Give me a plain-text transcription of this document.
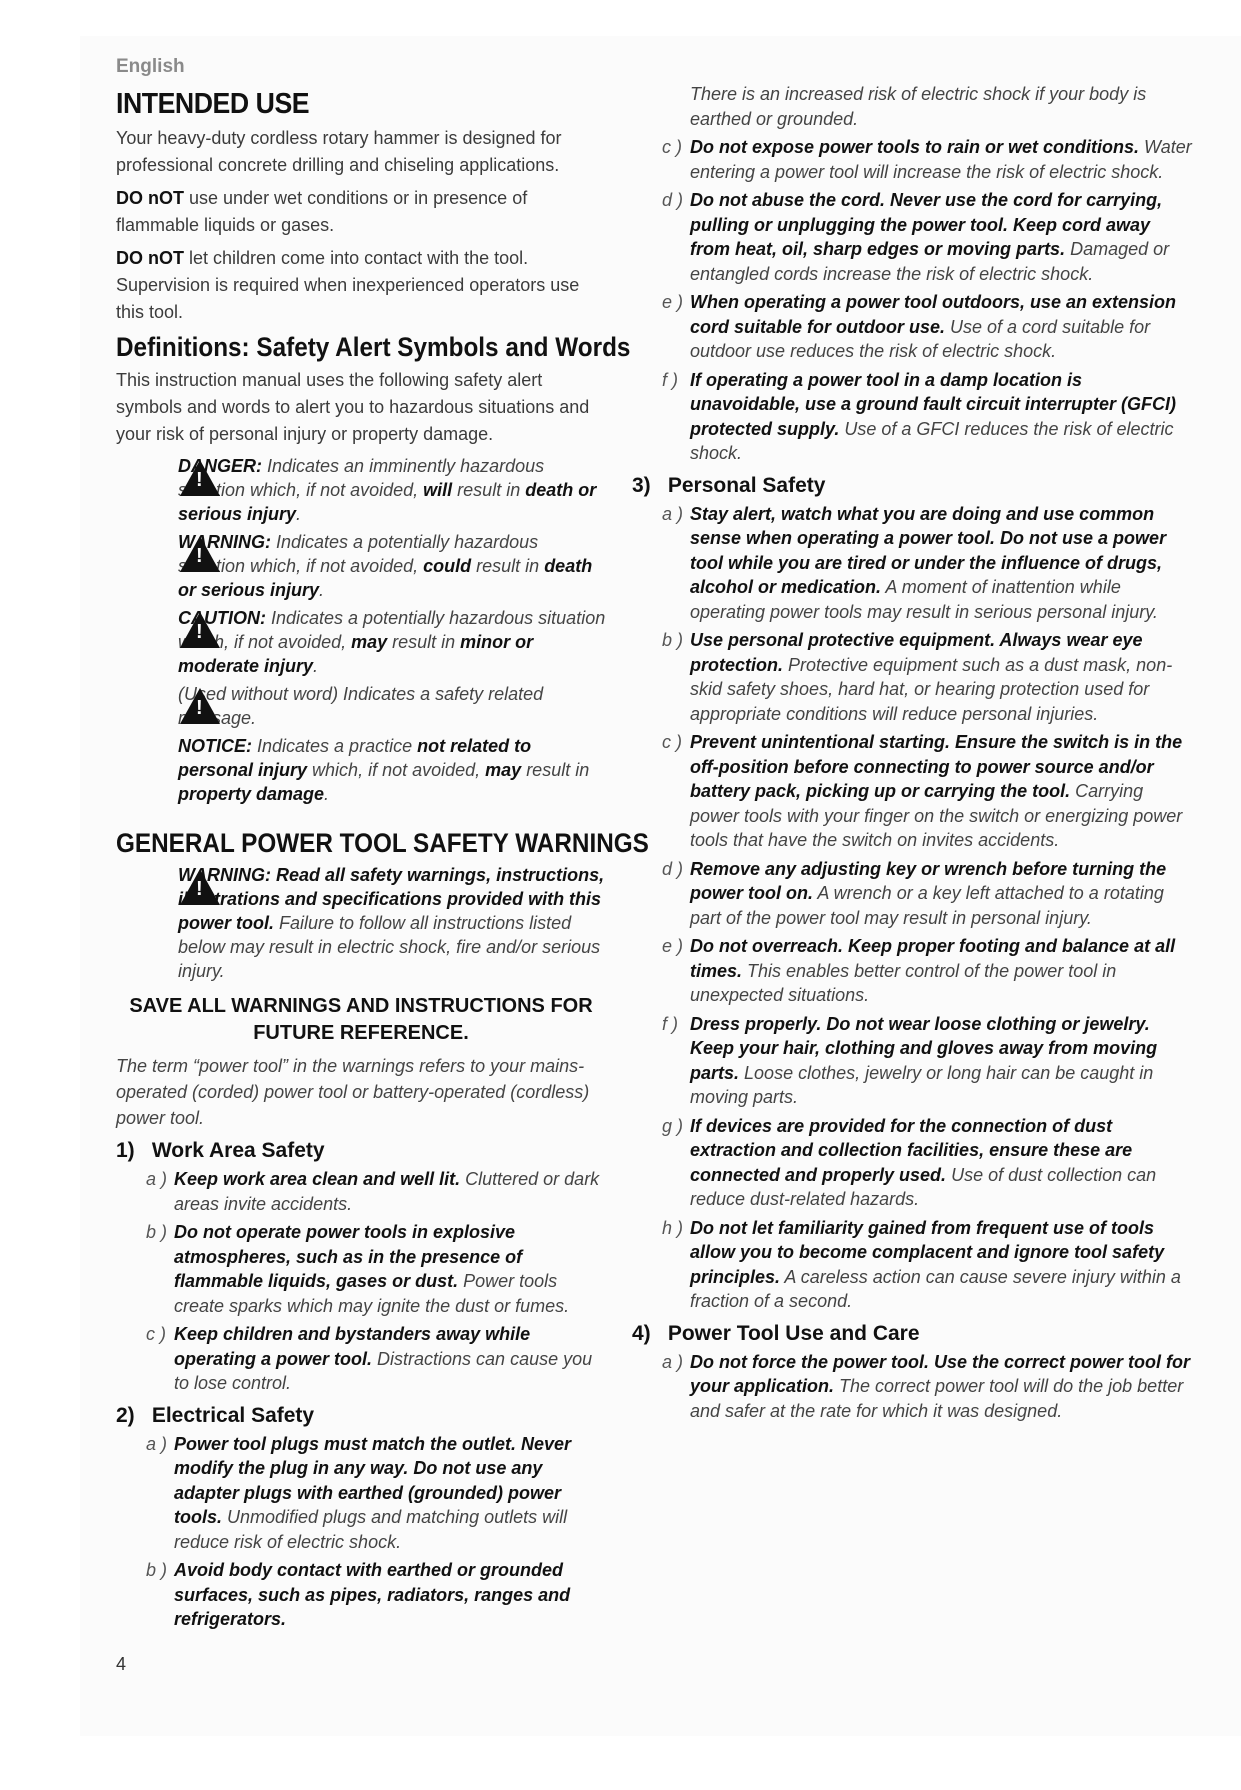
English
INTENDED USE

Your heavy-duty cordless rotary hammer is designed for professional concrete drilling and chiseling applications.

DO nOT use under wet conditions or in presence of flammable liquids or gases.

DO nOT let children come into contact with the tool. Supervision is required when inexperienced operators use this tool.

Definitions: Safety Alert Symbols and Words

This instruction manual uses the following safety alert symbols and words to alert you to hazardous situations and your risk of personal injury or property damage.

!
DANGER: Indicates an imminently hazardous situation which, if not avoided, will result in death or serious injury.
!
WARNING: Indicates a potentially hazardous situation which, if not avoided, could result in death or serious injury.
!
CAUTION: Indicates a potentially hazardous situation which, if not avoided, may result in minor or moderate injury.
!
(Used without word) Indicates a safety related message.
NOTICE: Indicates a practice not related to personal injury which, if not avoided, may result in property damage.
GENERAL POWER TOOL SAFETY WARNINGS
!
WARNING: Read all safety warnings, instructions, illustrations and specifications provided with this power tool. Failure to follow all instructions listed below may result in electric shock, fire and/or serious injury.
SAVE ALL WARNINGS AND INSTRUCTIONS FOR FUTURE REFERENCE.

The term “power tool” in the warnings refers to your mains-operated (corded) power tool or battery-operated (cordless) power tool.

1) Work Area Safety
a ) Keep work area clean and well lit. Cluttered or dark areas invite accidents.
b ) Do not operate power tools in explosive atmospheres, such as in the presence of flammable liquids, gases or dust. Power tools create sparks which may ignite the dust or fumes.
c ) Keep children and bystanders away while operating a power tool. Distractions can cause you to lose control.
2) Electrical Safety
a ) Power tool plugs must match the outlet. Never modify the plug in any way. Do not use any adapter plugs with earthed (grounded) power tools. Unmodified plugs and matching outlets will reduce risk of electric shock.
b ) Avoid body contact with earthed or grounded surfaces, such as pipes, radiators, ranges and refrigerators.
There is an increased risk of electric shock if your body is earthed or grounded.
c ) Do not expose power tools to rain or wet conditions. Water entering a power tool will increase the risk of electric shock.
d ) Do not abuse the cord. Never use the cord for carrying, pulling or unplugging the power tool. Keep cord away from heat, oil, sharp edges or moving parts. Damaged or entangled cords increase the risk of electric shock.
e ) When operating a power tool outdoors, use an extension cord suitable for outdoor use. Use of a cord suitable for outdoor use reduces the risk of electric shock.
f ) If operating a power tool in a damp location is unavoidable, use a ground fault circuit interrupter (GFCI) protected supply. Use of a GFCI reduces the risk of electric shock.
3) Personal Safety
a ) Stay alert, watch what you are doing and use common sense when operating a power tool. Do not use a power tool while you are tired or under the influence of drugs, alcohol or medication. A moment of inattention while operating power tools may result in serious personal injury.
b ) Use personal protective equipment. Always wear eye protection. Protective equipment such as a dust mask, non-skid safety shoes, hard hat, or hearing protection used for appropriate conditions will reduce personal injuries.
c ) Prevent unintentional starting. Ensure the switch is in the off-position before connecting to power source and/or battery pack, picking up or carrying the tool. Carrying power tools with your finger on the switch or energizing power tools that have the switch on invites accidents.
d ) Remove any adjusting key or wrench before turning the power tool on. A wrench or a key left attached to a rotating part of the power tool may result in personal injury.
e ) Do not overreach. Keep proper footing and balance at all times. This enables better control of the power tool in unexpected situations.
f ) Dress properly. Do not wear loose clothing or jewelry. Keep your hair, clothing and gloves away from moving parts. Loose clothes, jewelry or long hair can be caught in moving parts.
g ) If devices are provided for the connection of dust extraction and collection facilities, ensure these are connected and properly used. Use of dust collection can reduce dust-related hazards.
h ) Do not let familiarity gained from frequent use of tools allow you to become complacent and ignore tool safety principles. A careless action can cause severe injury within a fraction of a second.
4) Power Tool Use and Care
a ) Do not force the power tool. Use the correct power tool for your application. The correct power tool will do the job better and safer at the rate for which it was designed.
4
